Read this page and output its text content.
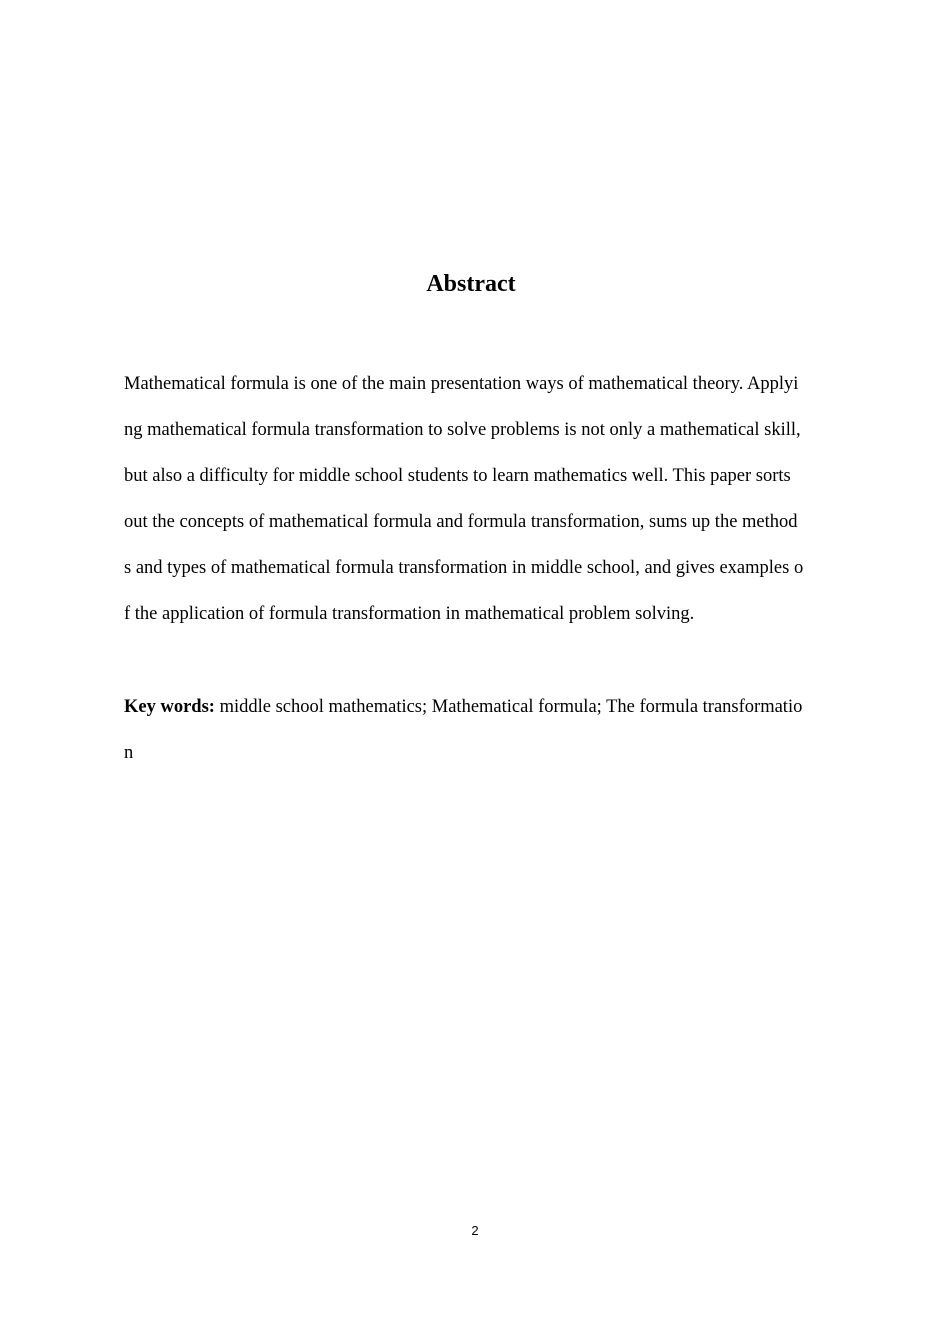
Abstract
Mathematical formula is one of the main presentation ways of mathematical theory. Applyi
ng mathematical formula transformation to solve problems is not only a mathematical skill,
but also a difficulty for middle school students to learn mathematics well. This paper sorts
out the concepts of mathematical formula and formula transformation, sums up the method
s and types of mathematical formula transformation in middle school, and gives examples o
f the application of formula transformation in mathematical problem solving.
Key words: middle school mathematics; Mathematical formula; The formula transformatio
n
2
